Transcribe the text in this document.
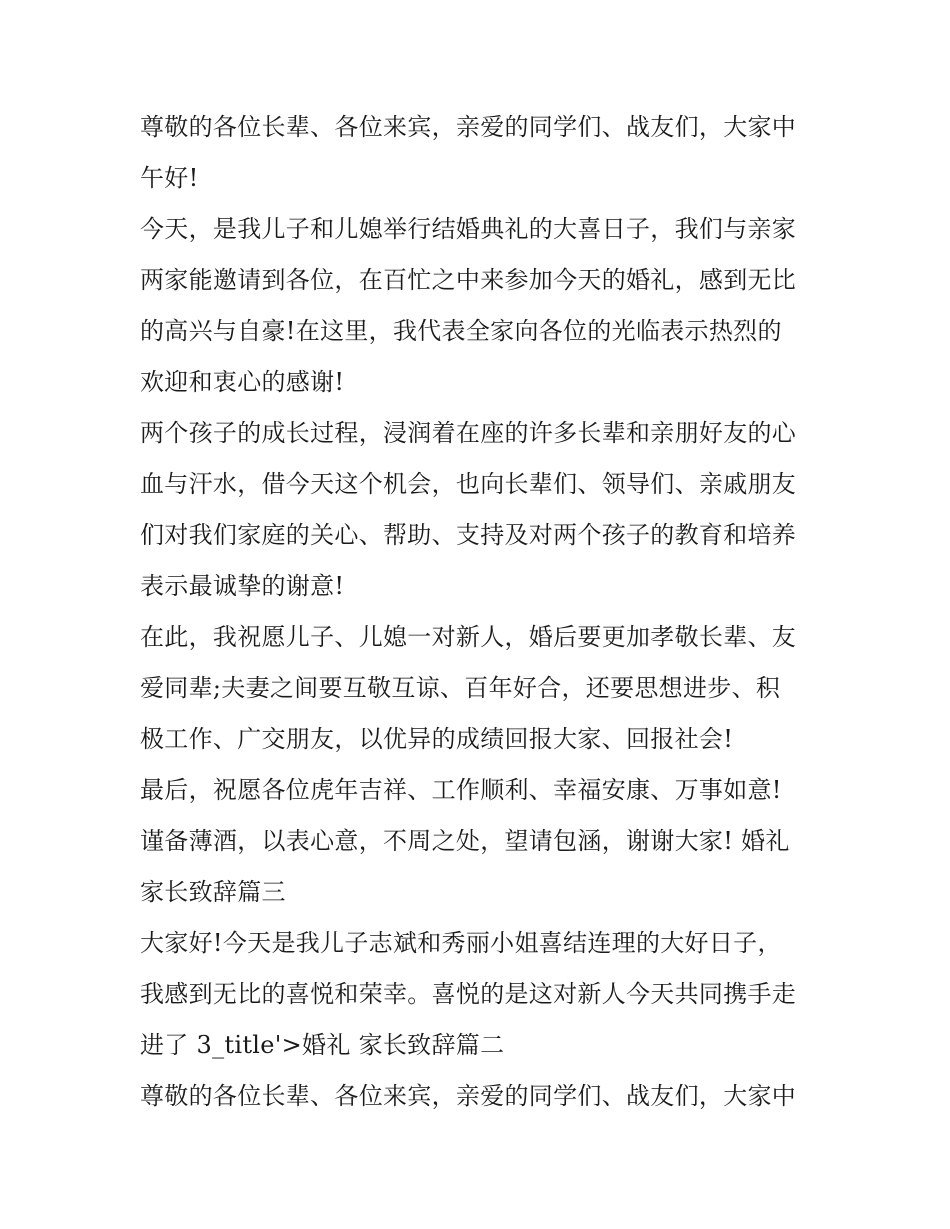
尊敬的各位长辈、各位来宾，亲爱的同学们、战友们，大家中
午好!
今天，是我儿子和儿媳举行结婚典礼的大喜日子，我们与亲家
两家能邀请到各位，在百忙之中来参加今天的婚礼，感到无比
的高兴与自豪!在这里，我代表全家向各位的光临表示热烈的
欢迎和衷心的感谢!
两个孩子的成长过程，浸润着在座的许多长辈和亲朋好友的心
血与汗水，借今天这个机会，也向长辈们、领导们、亲戚朋友
们对我们家庭的关心、帮助、支持及对两个孩子的教育和培养
表示最诚挚的谢意!
在此，我祝愿儿子、儿媳一对新人，婚后要更加孝敬长辈、友
爱同辈;夫妻之间要互敬互谅、百年好合，还要思想进步、积
极工作、广交朋友，以优异的成绩回报大家、回报社会!
最后，祝愿各位虎年吉祥、工作顺利、幸福安康、万事如意!
谨备薄酒，以表心意，不周之处，望请包涵，谢谢大家! 婚礼
家长致辞篇三
大家好!今天是我儿子志斌和秀丽小姐喜结连理的大好日子，
我感到无比的喜悦和荣幸。喜悦的是这对新人今天共同携手走
进了 3_title'>婚礼 家长致辞篇二
尊敬的各位长辈、各位来宾，亲爱的同学们、战友们，大家中
